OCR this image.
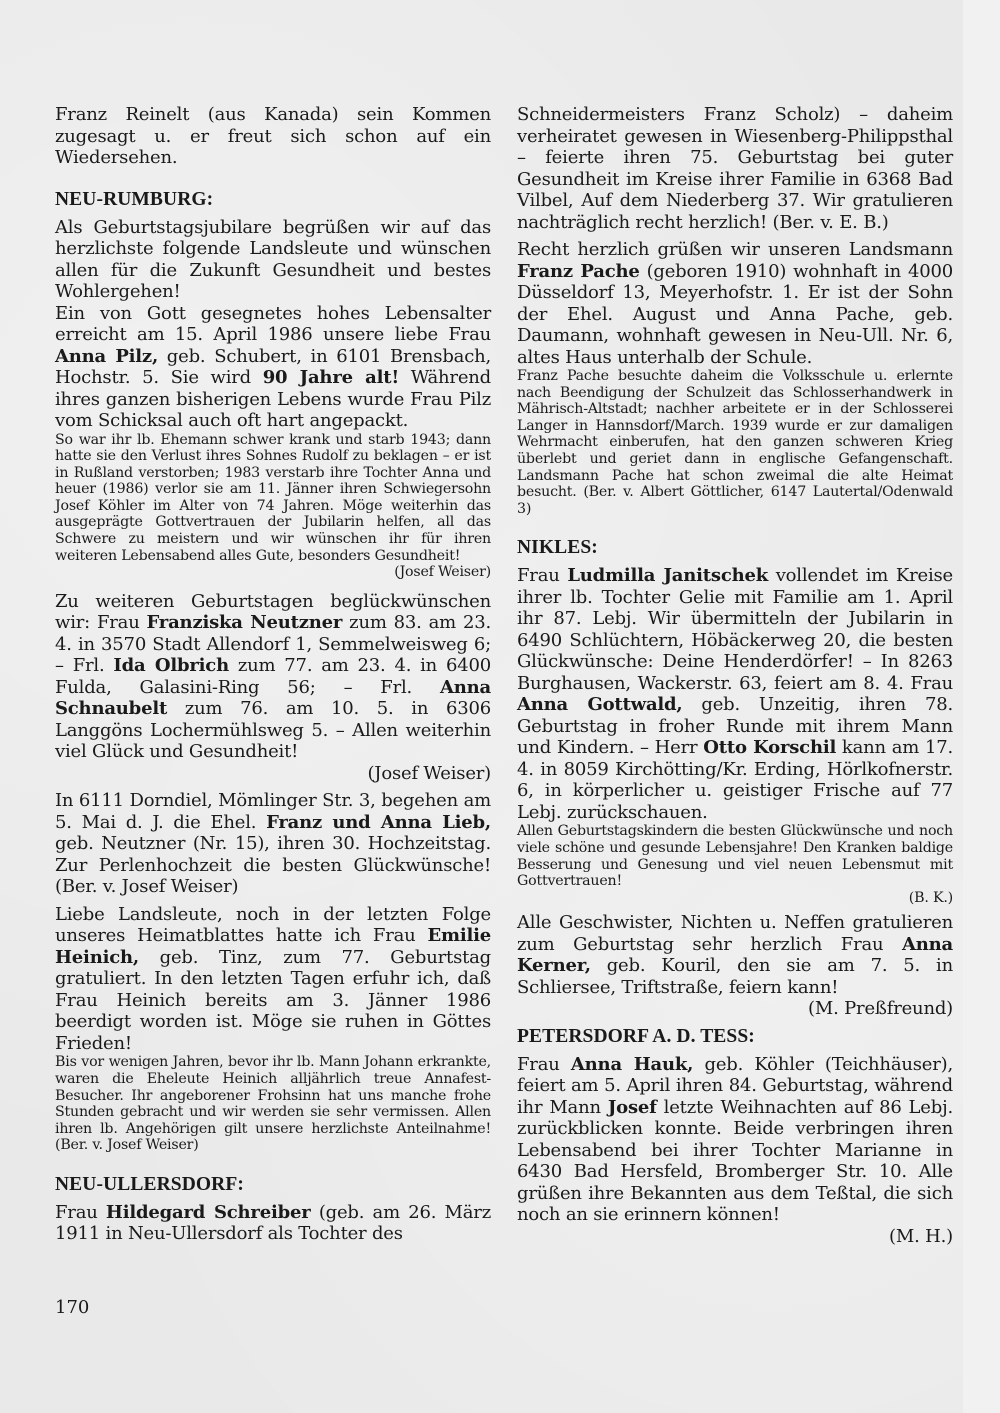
Franz Reinelt (aus Kanada) sein Kommen zugesagt u. er freut sich schon auf ein Wiedersehen.

NEU-RUMBURG:

Als Geburtstagsjubilare begrüßen wir auf das herzlichste folgende Landsleute und wünschen allen für die Zukunft Gesundheit und bestes Wohlergehen!

Ein von Gott gesegnetes hohes Lebensalter erreicht am 15. April 1986 unsere liebe Frau Anna Pilz, geb. Schubert, in 6101 Brensbach, Hochstr. 5. Sie wird 90 Jahre alt! Während ihres ganzen bisherigen Lebens wurde Frau Pilz vom Schicksal auch oft hart angepackt.

So war ihr lb. Ehemann schwer krank und starb 1943; dann hatte sie den Verlust ihres Sohnes Rudolf zu beklagen – er ist in Rußland verstorben; 1983 verstarb ihre Tochter Anna und heuer (1986) verlor sie am 11. Jänner ihren Schwiegersohn Josef Köhler im Alter von 74 Jahren. Möge weiterhin das ausgeprägte Gottvertrauen der Jubilarin helfen, all das Schwere zu meistern und wir wünschen ihr für ihren weiteren Lebensabend alles Gute, besonders Gesundheit!
(Josef Weiser)

Zu weiteren Geburtstagen beglückwünschen wir: Frau Franziska Neutzner zum 83. am 23. 4. in 3570 Stadt Allendorf 1, Semmelweisweg 6; – Frl. Ida Olbrich zum 77. am 23. 4. in 6400 Fulda, Galasini-Ring 56; – Frl. Anna Schnaubelt zum 76. am 10. 5. in 6306 Langgöns Lochermühlsweg 5. – Allen weiterhin viel Glück und Gesundheit!

(Josef Weiser)

In 6111 Dorndiel, Mömlinger Str. 3, begehen am 5. Mai d. J. die Ehel. Franz und Anna Lieb, geb. Neutzner (Nr. 15), ihren 30. Hochzeitstag. Zur Perlenhochzeit die besten Glückwünsche! (Ber. v. Josef Weiser)

Liebe Landsleute, noch in der letzten Folge unseres Heimatblattes hatte ich Frau Emilie Heinich, geb. Tinz, zum 77. Geburtstag gratuliert. In den letzten Tagen erfuhr ich, daß Frau Heinich bereits am 3. Jänner 1986 beerdigt worden ist. Möge sie ruhen in Göttes Frieden!

Bis vor wenigen Jahren, bevor ihr lb. Mann Johann erkrankte, waren die Eheleute Heinich alljährlich treue Annafest-Besucher. Ihr angeborener Frohsinn hat uns manche frohe Stunden gebracht und wir werden sie sehr vermissen. Allen ihren lb. Angehörigen gilt unsere herzlichste Anteilnahme! (Ber. v. Josef Weiser)

NEU-ULLERSDORF:

Frau Hildegard Schreiber (geb. am 26. März 1911 in Neu-Ullersdorf als Tochter des

Schneidermeisters Franz Scholz) – daheim verheiratet gewesen in Wiesenberg-Philippsthal – feierte ihren 75. Geburtstag bei guter Gesundheit im Kreise ihrer Familie in 6368 Bad Vilbel, Auf dem Niederberg 37. Wir gratulieren nachträglich recht herzlich! (Ber. v. E. B.)

Recht herzlich grüßen wir unseren Landsmann Franz Pache (geboren 1910) wohnhaft in 4000 Düsseldorf 13, Meyerhofstr. 1. Er ist der Sohn der Ehel. August und Anna Pache, geb. Daumann, wohnhaft gewesen in Neu-Ull. Nr. 6, altes Haus unterhalb der Schule.

Franz Pache besuchte daheim die Volksschule u. erlernte nach Beendigung der Schulzeit das Schlosserhandwerk in Mährisch-Altstadt; nachher arbeitete er in der Schlosserei Langer in Hannsdorf/March. 1939 wurde er zur damaligen Wehrmacht einberufen, hat den ganzen schweren Krieg überlebt und geriet dann in englische Gefangenschaft. Landsmann Pache hat schon zweimal die alte Heimat besucht. (Ber. v. Albert Göttlicher, 6147 Lautertal/Odenwald 3)

NIKLES:

Frau Ludmilla Janitschek vollendet im Kreise ihrer lb. Tochter Gelie mit Familie am 1. April ihr 87. Lebj. Wir übermitteln der Jubilarin in 6490 Schlüchtern, Höbäckerweg 20, die besten Glückwünsche: Deine Henderdörfer! – In 8263 Burghausen, Wackerstr. 63, feiert am 8. 4. Frau Anna Gottwald, geb. Unzeitig, ihren 78. Geburtstag in froher Runde mit ihrem Mann und Kindern. – Herr Otto Korschil kann am 17. 4. in 8059 Kirchötting/Kr. Erding, Hörlkofnerstr. 6, in körperlicher u. geistiger Frische auf 77 Lebj. zurückschauen.

Allen Geburtstagskindern die besten Glückwünsche und noch viele schöne und gesunde Lebensjahre! Den Kranken baldige Besserung und Genesung und viel neuen Lebensmut mit Gottvertrauen!

(B. K.)

Alle Geschwister, Nichten u. Neffen gratulieren zum Geburtstag sehr herzlich Frau Anna Kerner, geb. Kouril, den sie am 7. 5. in Schliersee, Triftstraße, feiern kann!

(M. Preßfreund)

PETERSDORF A. D. TESS:

Frau Anna Hauk, geb. Köhler (Teichhäuser), feiert am 5. April ihren 84. Geburtstag, während ihr Mann Josef letzte Weihnachten auf 86 Lebj. zurückblicken konnte. Beide verbringen ihren Lebensabend bei ihrer Tochter Marianne in 6430 Bad Hersfeld, Bromberger Str. 10. Alle grüßen ihre Bekannten aus dem Teßtal, die sich noch an sie erinnern können!

(M. H.)

170
